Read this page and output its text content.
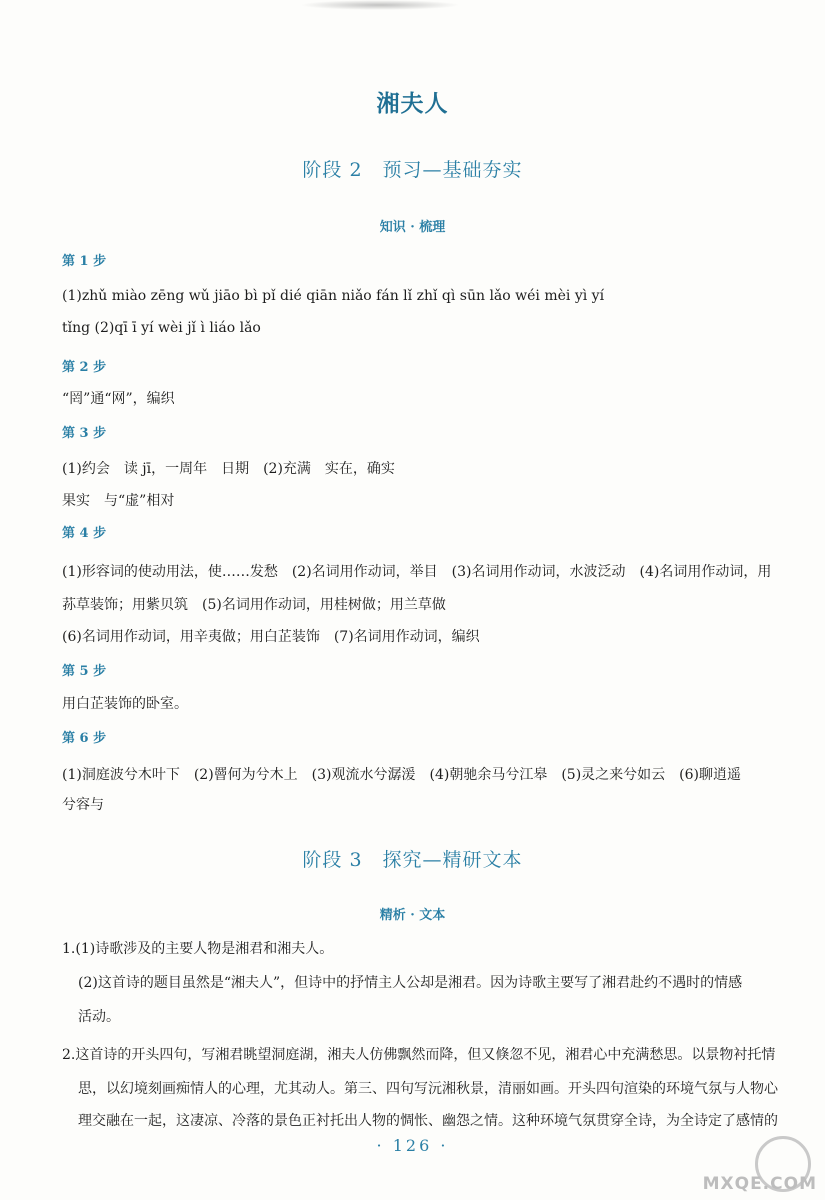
湘夫人
阶段 2　预习—基础夯实
知识 · 梳理
第 1 步
(1)zhǔ miào zēng wǔ jiāo bì pǐ dié qiān niǎo fán lǐ zhǐ qì sūn lǎo wéi mèi yì yí
tǐng (2)qī ī yí wèi jǐ ì liáo lǎo
第 2 步
“罔”通“网”，编织
第 3 步
(1)约会　读 jī，一周年　日期　(2)充满　实在，确实
果实　与“虚”相对
第 4 步
(1)形容词的使动用法，使……发愁　(2)名词用作动词，举目　(3)名词用作动词，水波泛动　(4)名词用作动词，用
荪草装饰；用紫贝筑　(5)名词用作动词，用桂树做；用兰草做
(6)名词用作动词，用辛夷做；用白芷装饰　(7)名词用作动词，编织
第 5 步
用白芷装饰的卧室。
第 6 步
(1)洞庭波兮木叶下　(2)罾何为兮木上　(3)观流水兮潺湲　(4)朝驰余马兮江皋　(5)灵之来兮如云　(6)聊逍遥
兮容与
阶段 3　探究—精研文本
精析 · 文本
1.(1)诗歌涉及的主要人物是湘君和湘夫人。
(2)这首诗的题目虽然是“湘夫人”，但诗中的抒情主人公却是湘君。因为诗歌主要写了湘君赴约不遇时的情感
活动。
2.这首诗的开头四句，写湘君眺望洞庭湖，湘夫人仿佛飘然而降，但又倏忽不见，湘君心中充满愁思。以景物衬托情
思，以幻境刻画痴情人的心理，尤其动人。第三、四句写沅湘秋景，清丽如画。开头四句渲染的环境气氛与人物心
理交融在一起，这凄凉、冷落的景色正衬托出人物的惆怅、幽怨之情。这种环境气氛贯穿全诗，为全诗定了感情的
· 126 ·
MXQE.COM
